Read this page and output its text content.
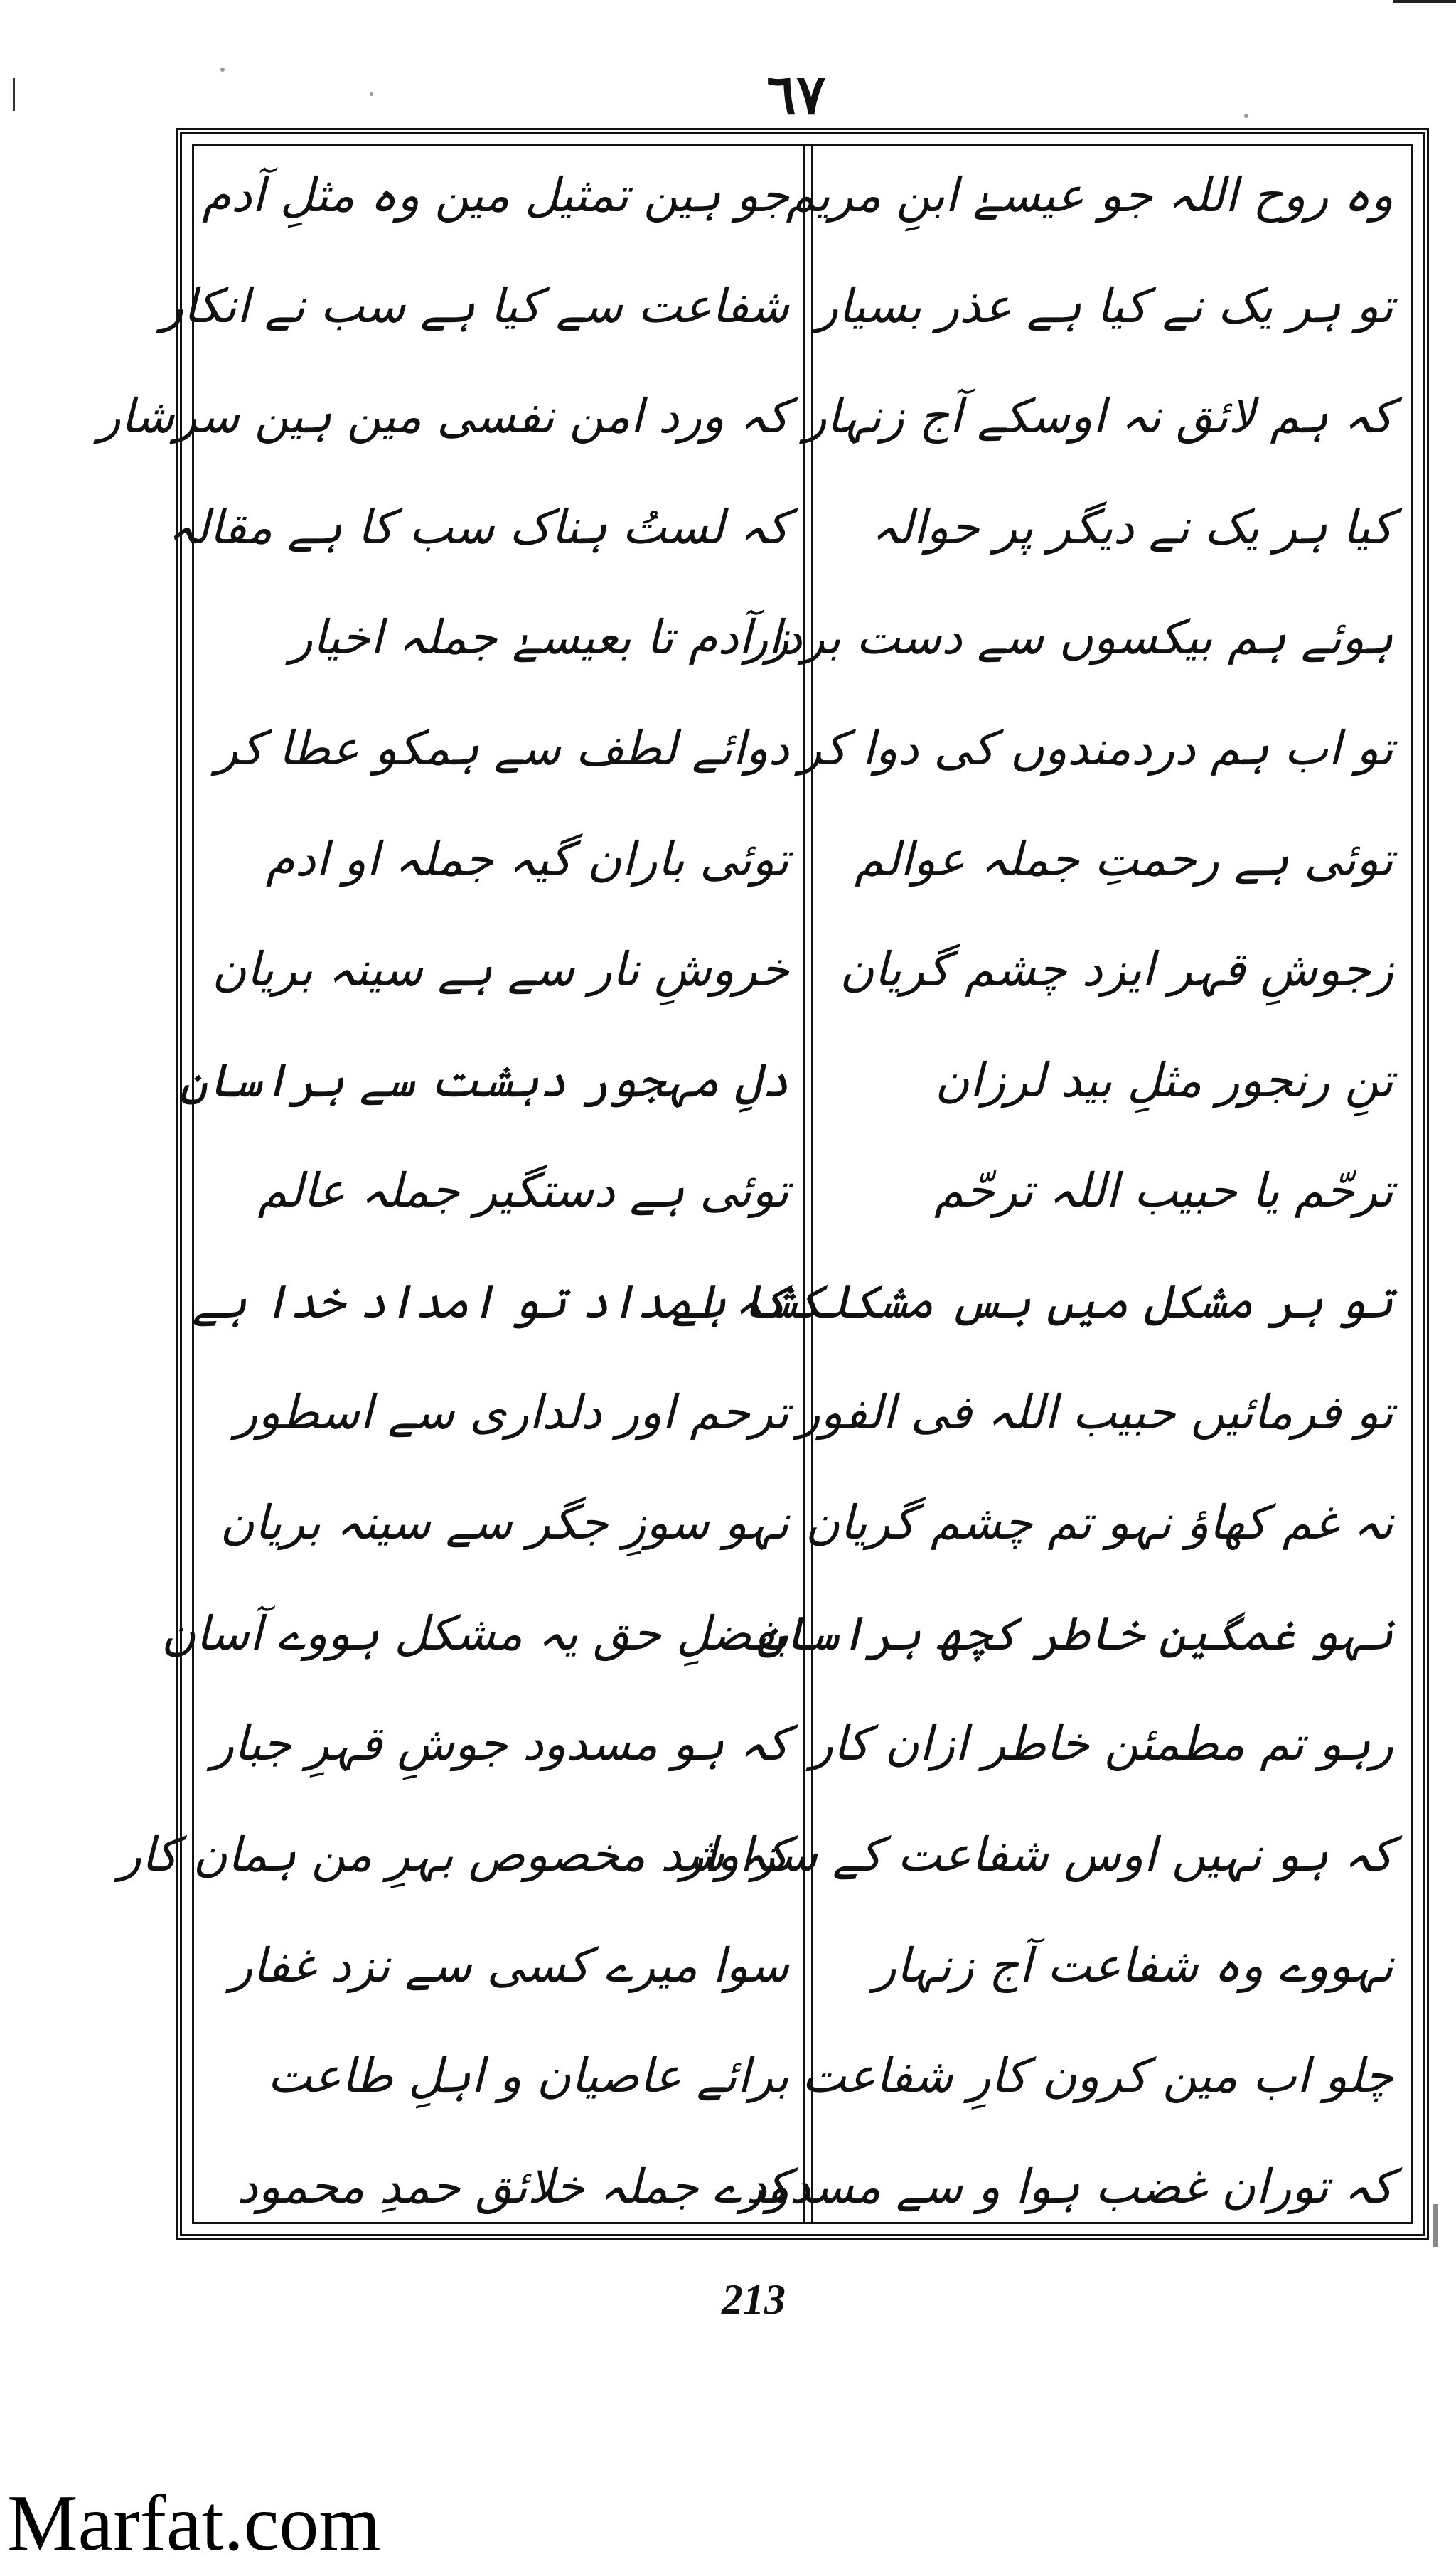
٦٧
وہ روح اللہ جو عیسےٰ ابنِ مریم
تو ہر یک نے کیا ہے عذر بسیار
کہ ہم لائق نہ اوسکے آج زنہار
کیا ہر یک نے دیگر پر حوالہ
ہوئے ہم بیکسوں سے دست بردار
تو اب ہم دردمندوں کی دوا کر
توئی ہے رحمتِ جملہ عوالم
زجوشِ قہر ایزد چشم گریان
تنِ رنجور مثلِ بید لرزان
ترحّم یا حبیب اللہ ترحّم
تو ہر مشکل میں بس مشکلکشا ہے
تو فرمائیں حبیب اللہ فی الفور
نہ غم کھاؤ نہو تم چشم گریان
نہو غمگین خاطر کچھ ہراسان
رہو تم مطمئن خاطر ازان کار
کہ ہو نہیں اوس شفاعت کے سزاوار
نہووے وہ شفاعت آج زنہار
چلو اب مین کرون کارِ شفاعت
کہ توران غضب ہوا و سے مسدود
جو ہین تمثیل مین وہ مثلِ آدم
شفاعت سے کیا ہے سب نے انکار
کہ ورد امن نفسی مین ہین سرشار
کہ لستُ ہناک سب کا ہے مقالہ
ز آدم تا بعیسےٰ جملہ اخیار
دوائے لطف سے ہمکو عطا کر
توئی باران گیہ جملہ او ادم
خروشِ نار سے ہے سینہ بریان
دلِ مہجور دہشت سے ہراسان
توئی ہے دستگیر جملہ عالم
کہ امداد تو امداد خدا ہے
ترحم اور دلداری سے اسطور
نہو سوزِ جگر سے سینہ بریان
بفضلِ حق یہ مشکل ہووے آسان
کہ ہو مسدود جوشِ قہرِ جبار
کہ شد مخصوص بہرِ من ہمان کار
سوا میرے کسی سے نزد غفار
برائے عاصیان و اہلِ طاعت
کرے جملہ خلائق حمدِ محمود
213
Marfat.com
